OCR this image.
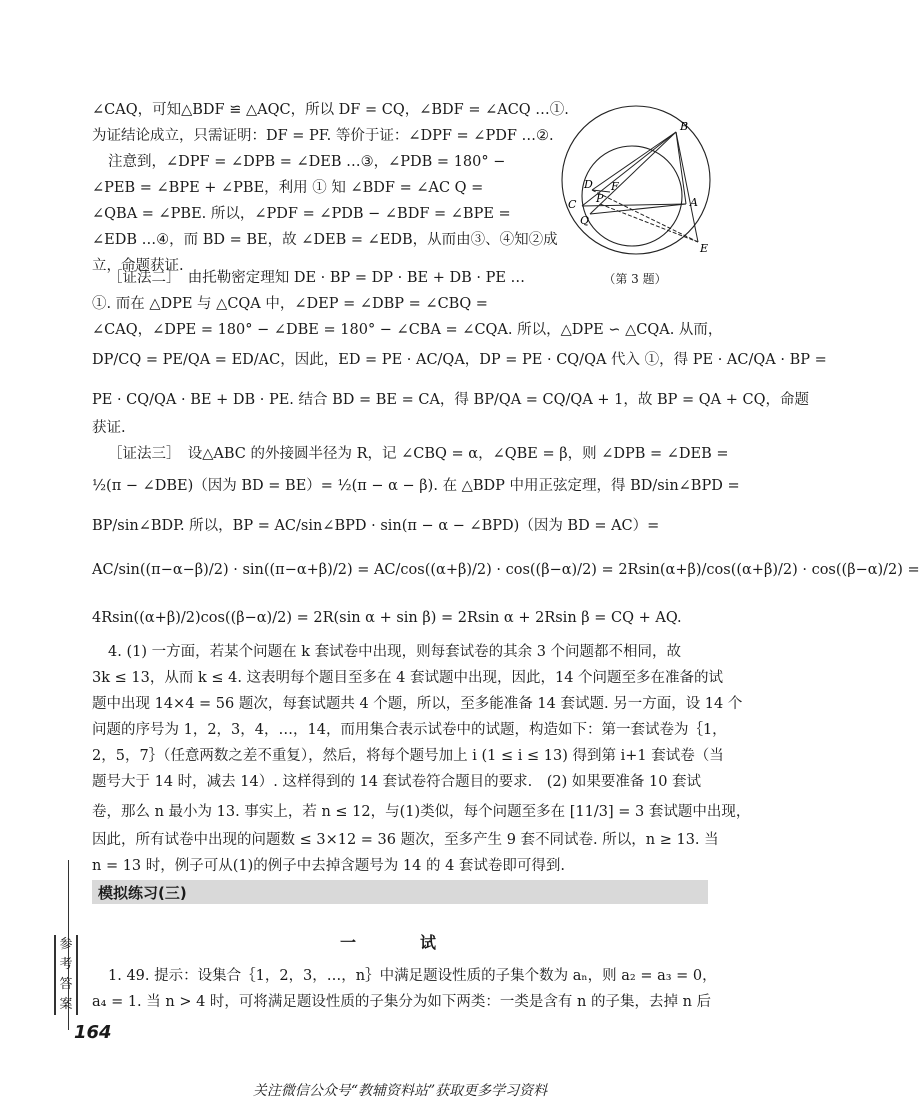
∠CAQ，可知△BDF ≌ △AQC，所以 DF = CQ，∠BDF = ∠ACQ …①.
为证结论成立，只需证明：DF = PF. 等价于证：∠DPF = ∠PDF …②.
注意到，∠DPF = ∠DPB = ∠DEB …③，∠PDB = 180° −
∠PEB = ∠BPE + ∠PBE，利用 ① 知 ∠BDF = ∠AC Q =
∠QBA = ∠PBE. 所以，∠PDF = ∠PDB − ∠BDF = ∠BPE =
∠EDB …④，而 BD = BE，故 ∠DEB = ∠EDB，从而由③、④知②成
立，命题获证.
B
D F
C
Q
P	A
E
（第 3 题）
［证法二］　由托勒密定理知 DE · BP = DP · BE + DB · PE …
①. 而在 △DPE 与 △CQA 中，∠DEP = ∠DBP = ∠CBQ =
∠CAQ，∠DPE = 180° − ∠DBE = 180° − ∠CBA = ∠CQA. 所以，△DPE ∽ △CQA. 从而，
DP/CQ = PE/QA = ED/AC，因此，ED = PE · AC/QA，DP = PE · CQ/QA 代入 ①，得 PE · AC/QA · BP =
PE · CQ/QA · BE + DB · PE. 结合 BD = BE = CA，得 BP/QA = CQ/QA + 1，故 BP = QA + CQ，命题
获证.
［证法三］　设△ABC 的外接圆半径为 R，记 ∠CBQ = α，∠QBE = β，则 ∠DPB = ∠DEB =
½(π − ∠DBE)（因为 BD = BE）= ½(π − α − β). 在 △BDP 中用正弦定理，得 BD/sin∠BPD =
BP/sin∠BDP. 所以，BP = AC/sin∠BPD · sin(π − α − ∠BPD)（因为 BD = AC）=
AC/sin((π−α−β)/2) · sin((π−α+β)/2) = AC/cos((α+β)/2) · cos((β−α)/2) = 2Rsin(α+β)/cos((α+β)/2) · cos((β−α)/2) =
4Rsin((α+β)/2)cos((β−α)/2) = 2R(sin α + sin β) = 2Rsin α + 2Rsin β = CQ + AQ.
4. (1) 一方面，若某个问题在 k 套试卷中出现，则每套试卷的其余 3 个问题都不相同，故
3k ≤ 13，从而 k ≤ 4. 这表明每个题目至多在 4 套试题中出现，因此，14 个问题至多在准备的试
题中出现 14×4 = 56 题次，每套试题共 4 个题，所以，至多能准备 14 套试题. 另一方面，设 14 个
问题的序号为 1，2，3，4，…，14，而用集合表示试卷中的试题，构造如下：第一套试卷为｛1，
2，5，7｝（任意两数之差不重复），然后，将每个题号加上 i (1 ≤ i ≤ 13) 得到第 i+1 套试卷（当
题号大于 14 时，减去 14）. 这样得到的 14 套试卷符合题目的要求.　(2) 如果要准备 10 套试
卷，那么 n 最小为 13. 事实上，若 n ≤ 12，与(1)类似，每个问题至多在 [11/3] = 3 套试题中出现，
因此，所有试卷中出现的问题数 ≤ 3×12 = 36 题次，至多产生 9 套不同试卷. 所以，n ≥ 13. 当
n = 13 时，例子可从(1)的例子中去掉含题号为 14 的 4 套试卷即可得到.
模拟练习(三)
一　试
1. 49. 提示：设集合｛1，2，3，…，n｝中满足题设性质的子集个数为 aₙ，则 a₂ = a₃ = 0，
a₄ = 1. 当 n > 4 时，可将满足题设性质的子集分为如下两类：一类是含有 n 的子集，去掉 n 后
参
考
答
案
164
关注微信公众号“教辅资料站”获取更多学习资料
